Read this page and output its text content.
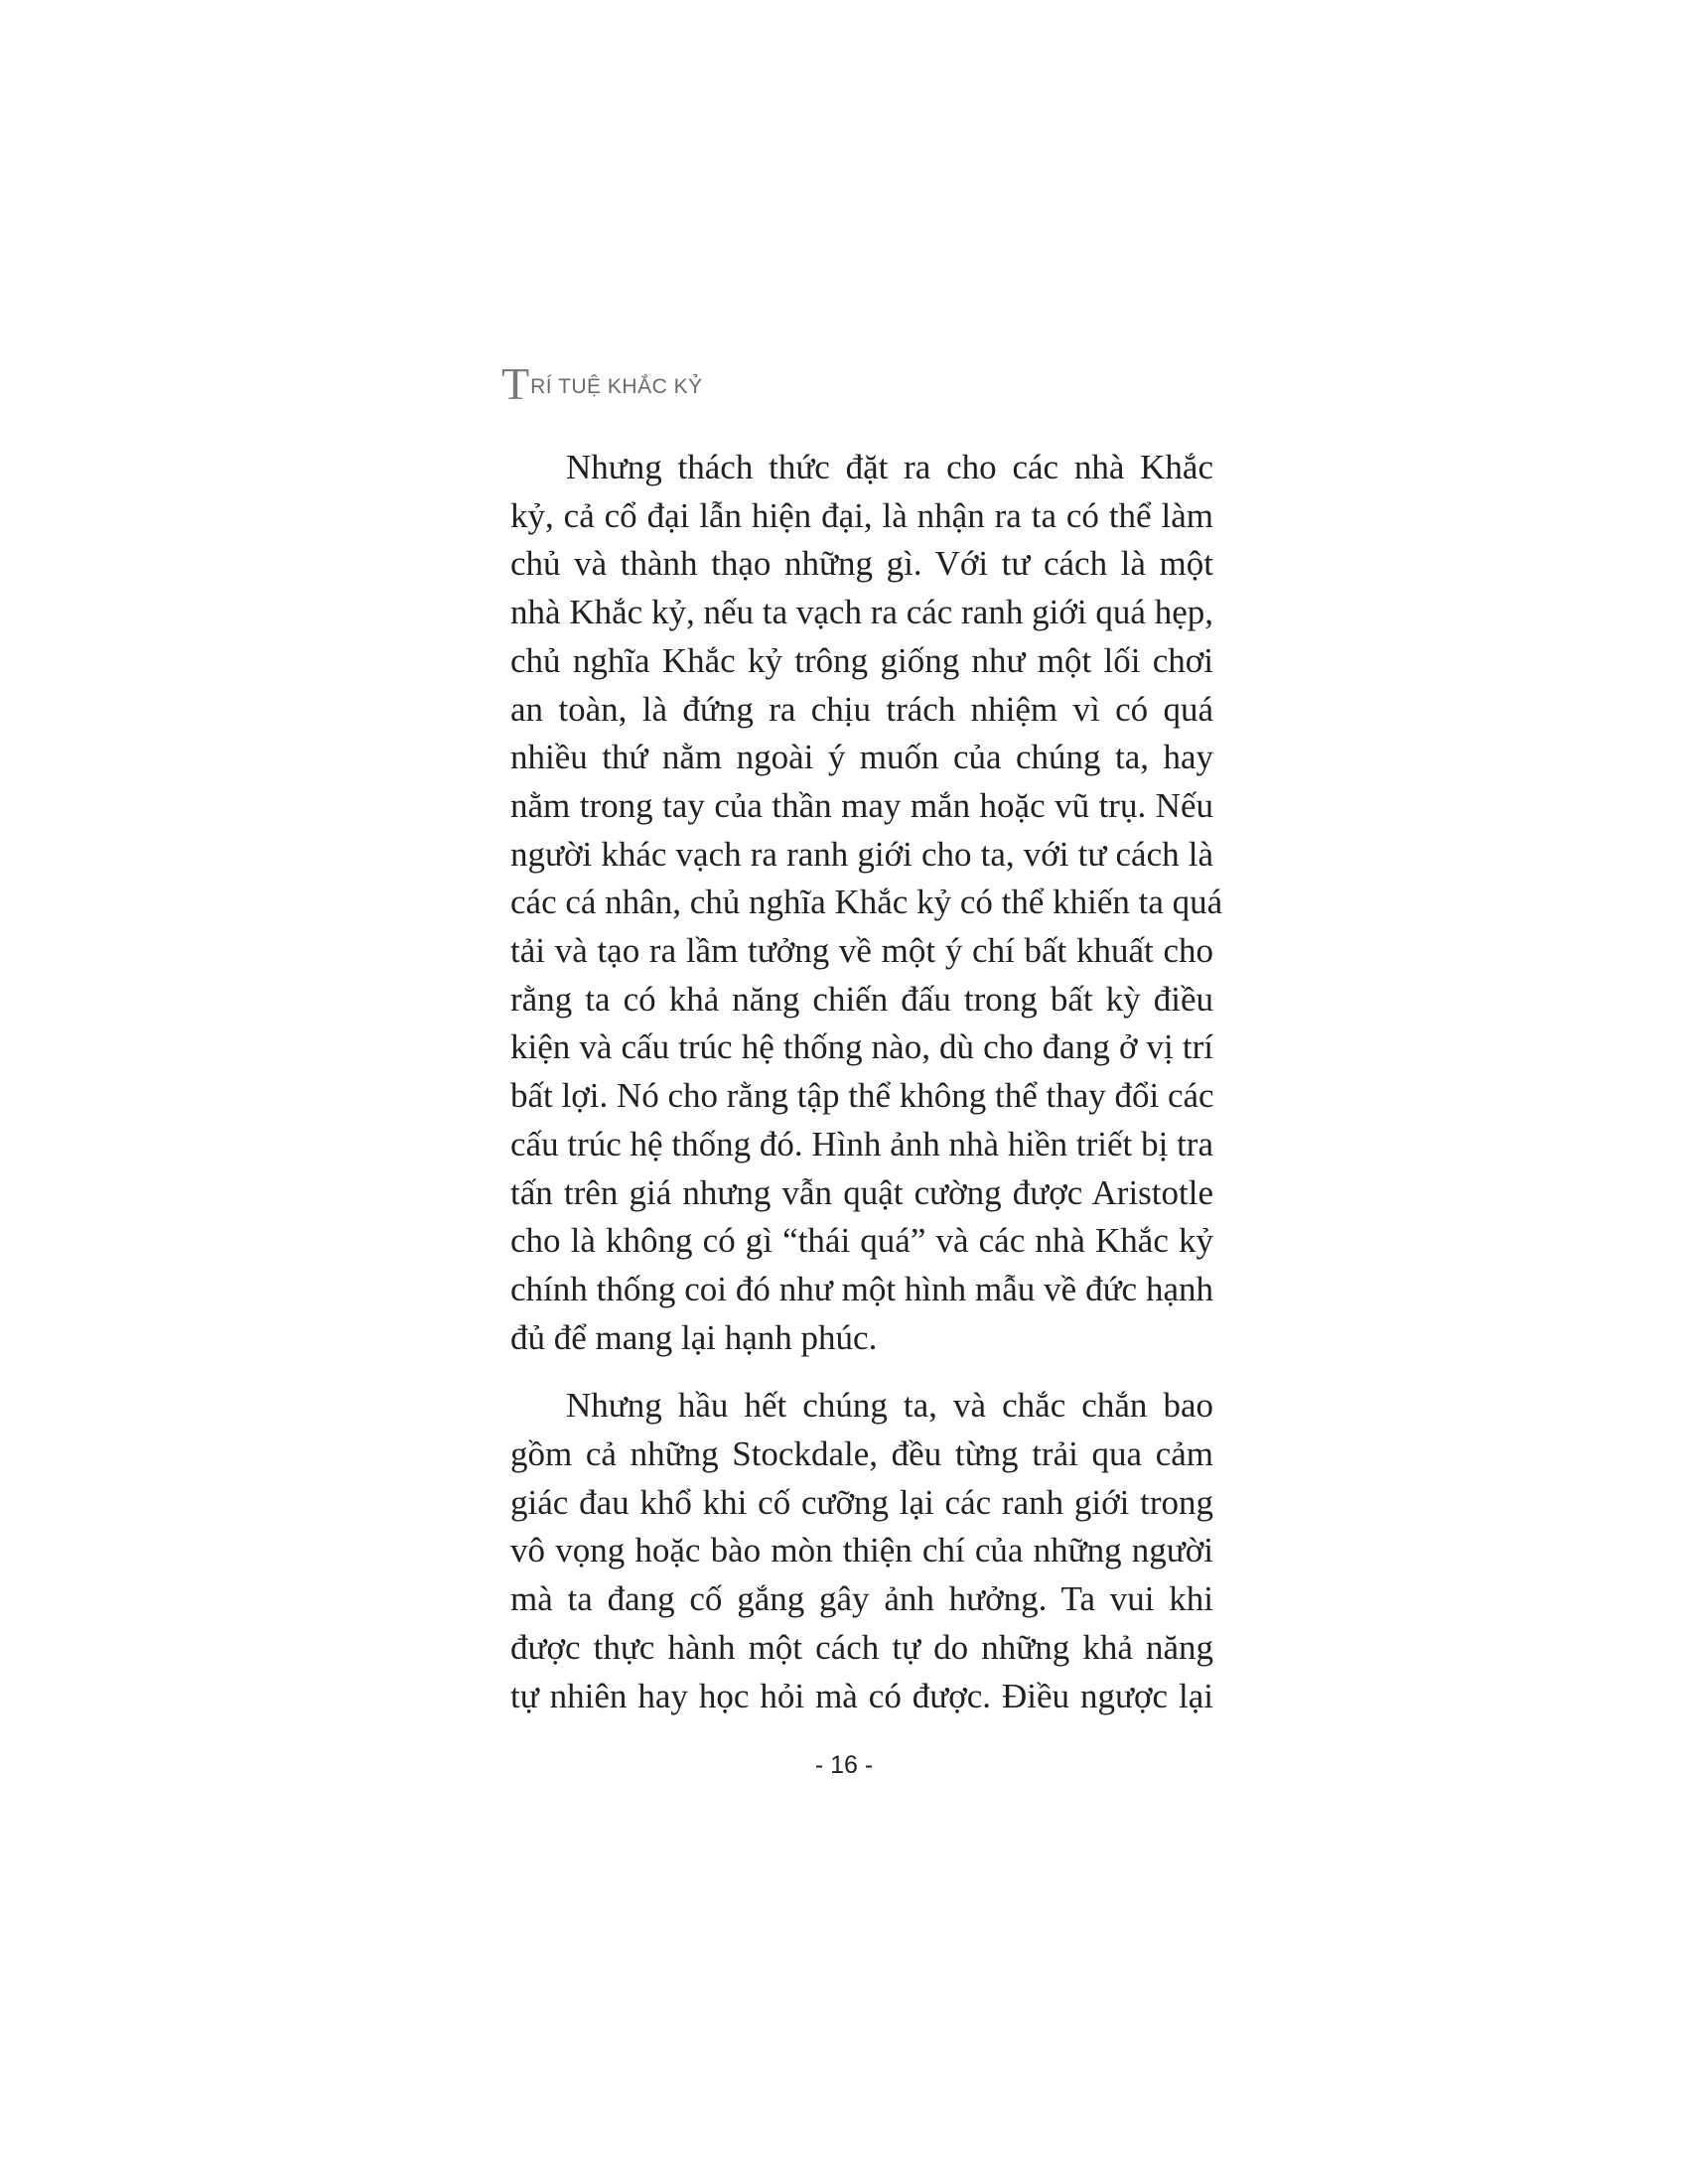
T RÍ TUỆ KHẮC KỶ

Nhưng thách thức đặt ra cho các nhà Khắc
kỷ, cả cổ đại lẫn hiện đại, là nhận ra ta có thể làm
chủ và thành thạo những gì. Với tư cách là một
nhà Khắc kỷ, nếu ta vạch ra các ranh giới quá hẹp,
chủ nghĩa Khắc kỷ trông giống như một lối chơi
an toàn, là đứng ra chịu trách nhiệm vì có quá
nhiều thứ nằm ngoài ý muốn của chúng ta, hay
nằm trong tay của thần may mắn hoặc vũ trụ. Nếu
người khác vạch ra ranh giới cho ta, với tư cách là
các cá nhân, chủ nghĩa Khắc kỷ có thể khiến ta quá
tải và tạo ra lầm tưởng về một ý chí bất khuất cho
rằng ta có khả năng chiến đấu trong bất kỳ điều
kiện và cấu trúc hệ thống nào, dù cho đang ở vị trí
bất lợi. Nó cho rằng tập thể không thể thay đổi các
cấu trúc hệ thống đó. Hình ảnh nhà hiền triết bị tra
tấn trên giá nhưng vẫn quật cường được Aristotle
cho là không có gì “thái quá” và các nhà Khắc kỷ
chính thống coi đó như một hình mẫu về đức hạnh
đủ để mang lại hạnh phúc.

Nhưng hầu hết chúng ta, và chắc chắn bao
gồm cả những Stockdale, đều từng trải qua cảm
giác đau khổ khi cố cưỡng lại các ranh giới trong
vô vọng hoặc bào mòn thiện chí của những người
mà ta đang cố gắng gây ảnh hưởng. Ta vui khi
được thực hành một cách tự do những khả năng
tự nhiên hay học hỏi mà có được. Điều ngược lại

- 16 -
